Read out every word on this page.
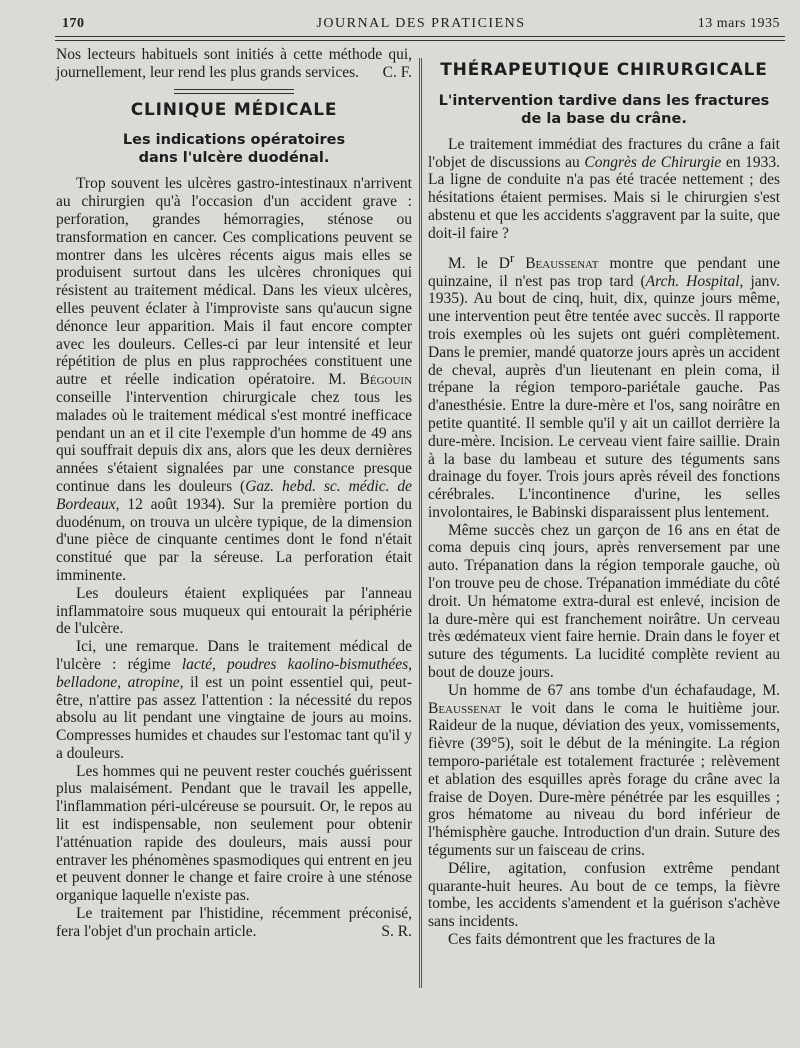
170	JOURNAL DES PRATICIENS	13 mars 1935

Nos lecteurs habituels sont initiés à cette méthode qui, journellement, leur rend les plus grands services. C. F.

CLINIQUE MÉDICALE
Les indications opératoires
dans l'ulcère duodénal.

Trop souvent les ulcères gastro-intestinaux n'arrivent au chirurgien qu'à l'occasion d'un accident grave : perforation, grandes hémorragies, sténose ou transformation en cancer. Ces complications peuvent se montrer dans les ulcères récents aigus mais elles se produisent surtout dans les ulcères chroniques qui résistent au traitement médical. Dans les vieux ulcères, elles peuvent éclater à l'improviste sans qu'aucun signe dénonce leur apparition. Mais il faut encore compter avec les douleurs. Celles-ci par leur intensité et leur répétition de plus en plus rapprochées constituent une autre et réelle indication opératoire. M. Bégouin conseille l'intervention chirurgicale chez tous les malades où le traitement médical s'est montré inefficace pendant un an et il cite l'exemple d'un homme de 49 ans qui souffrait depuis dix ans, alors que les deux dernières années s'étaient signalées par une constance presque continue dans les douleurs (Gaz. hebd. sc. médic. de Bordeaux, 12 août 1934). Sur la première portion du duodénum, on trouva un ulcère typique, de la dimension d'une pièce de cinquante centimes dont le fond n'était constitué que par la séreuse. La perforation était imminente.

Les douleurs étaient expliquées par l'anneau inflammatoire sous muqueux qui entourait la périphérie de l'ulcère.

Ici, une remarque. Dans le traitement médical de l'ulcère : régime lacté, poudres kaolino-bismuthées, belladone, atropine, il est un point essentiel qui, peut-être, n'attire pas assez l'attention : la nécessité du repos absolu au lit pendant une vingtaine de jours au moins. Compresses humides et chaudes sur l'estomac tant qu'il y a douleurs.

Les hommes qui ne peuvent rester couchés guérissent plus malaisément. Pendant que le travail les appelle, l'inflammation péri-ulcéreuse se poursuit. Or, le repos au lit est indispensable, non seulement pour obtenir l'atténuation rapide des douleurs, mais aussi pour entraver les phénomènes spasmodiques qui entrent en jeu et peuvent donner le change et faire croire à une sténose organique laquelle n'existe pas.

Le traitement par l'histidine, récemment préconisé, fera l'objet d'un prochain article.	S. R.

THÉRAPEUTIQUE CHIRURGICALE
L'intervention tardive dans les fractures
de la base du crâne.

Le traitement immédiat des fractures du crâne a fait l'objet de discussions au Congrès de Chirurgie en 1933. La ligne de conduite n'a pas été tracée nettement ; des hésitations étaient permises. Mais si le chirurgien s'est abstenu et que les accidents s'aggravent par la suite, que doit-il faire ?

M. le $D^r$ Beaussenat montre que pendant une quinzaine, il n'est pas trop tard (Arch. Hospital, janv. 1935). Au bout de cinq, huit, dix, quinze jours même, une intervention peut être tentée avec succès. Il rapporte trois exemples où les sujets ont guéri complètement. Dans le premier, mandé quatorze jours après un accident de cheval, auprès d'un lieutenant en plein coma, il trépane la région temporo-pariétale gauche. Pas d'anesthésie. Entre la dure-mère et l'os, sang noirâtre en petite quantité. Il semble qu'il y ait un caillot derrière la dure-mère. Incision. Le cerveau vient faire saillie. Drain à la base du lambeau et suture des téguments sans drainage du foyer. Trois jours après réveil des fonctions cérébrales. L'incontinence d'urine, les selles involontaires, le Babinski disparaissent plus lentement.

Même succès chez un garçon de 16 ans en état de coma depuis cinq jours, après renversement par une auto. Trépanation dans la région temporale gauche, où l'on trouve peu de chose. Trépanation immédiate du côté droit. Un hématome extra-dural est enlevé, incision de la dure-mère qui est franchement noirâtre. Un cerveau très œdémateux vient faire hernie. Drain dans le foyer et suture des téguments. La lucidité complète revient au bout de douze jours.

Un homme de 67 ans tombe d'un échafaudage, M. Beaussenat le voit dans le coma le huitième jour. Raideur de la nuque, déviation des yeux, vomissements, fièvre (39°5), soit le début de la méningite. La région temporo-pariétale est totalement fracturée ; relèvement et ablation des esquilles après forage du crâne avec la fraise de Doyen. Dure-mère pénétrée par les esquilles ; gros hématome au niveau du bord inférieur de l'hémisphère gauche. Introduction d'un drain. Suture des téguments sur un faisceau de crins.

Délire, agitation, confusion extrême pendant quarante-huit heures. Au bout de ce temps, la fièvre tombe, les accidents s'amendent et la guérison s'achève sans incidents.

Ces faits démontrent que les fractures de la
